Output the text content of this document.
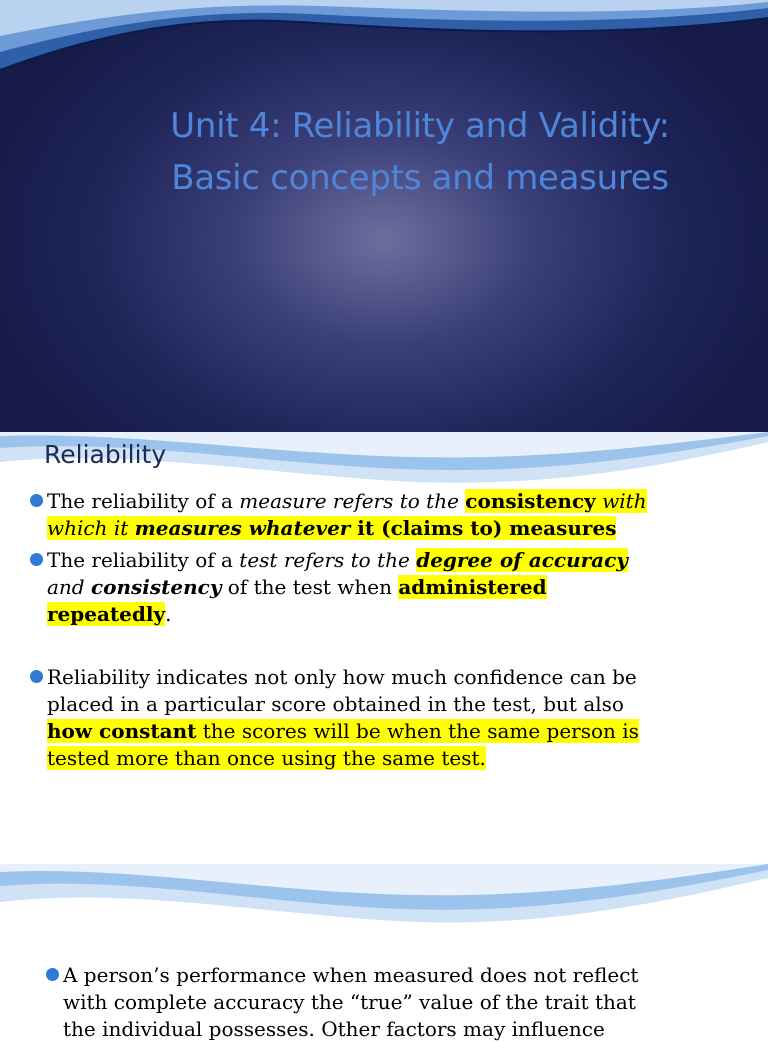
Unit 4: Reliability and Validity:
Basic concepts and measures
Reliability
The reliability of a measure refers to the consistency with
which it measures whatever it (claims to) measures
The reliability of a test refers to the degree of accuracy
and consistency of the test when administered
repeatedly.
Reliability indicates not only how much confidence can be
placed in a particular score obtained in the test, but also
how constant the scores will be when the same person is
tested more than once using the same test.
A person’s performance when measured does not reflect
with complete accuracy the “true” value of the trait that
the individual possesses. Other factors may influence
